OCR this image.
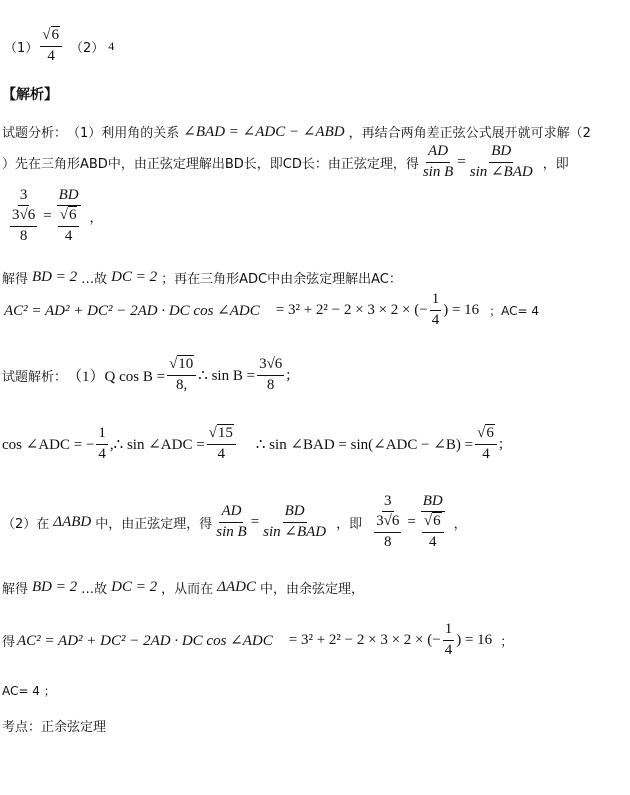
$(1) \frac{√6}{4} (2)$ 4
【解析】
试题分析： （1）利用角的关系 ∠BAD = ∠ADC − ∠ABD ，再结合两角差正弦公式展开就可求解（2
）先在三角形ABD中，由正弦定理解出BD长，即CD长：由正弦定理，得 $\frac{AD}{\text{sin B}} = \frac{BD}{\text{sin ∠BAD}}$ ，即
$\frac{3}{\frac{3√6}{8}} = \frac{BD}{\frac{√6}{4}}$ ，
解得 BD = 2 …故 DC = 2 ；再在三角形ADC中由余弦定理解出AC：
AC² = AD² + DC² − 2AD · DC cos ∠ADC = 3² + 2² − 2 × 3 × 2 × (− $\frac{1}{4}$ ) = 16 ；AC= 4
试题解析： （1）Q $\cos B = \frac{√10}{8,}$ ∴ $\sin B = \frac{3√6}{8}$ ;
cos ∠ADC = − $\frac{1}{4}$ ,∴ sin ∠ADC = $\frac{√15}{4}$ ∴ sin ∠BAD = sin(∠ADC − ∠B) = $\frac{√6}{4}$ ;
（2）在 ΔABD 中，由正弦定理，得 $\frac{AD}{\text{sin B}} = \frac{BD}{\text{sin ∠BAD}}$ ，即 $\frac{3}{\frac{3√6}{8}} = \frac{BD}{\frac{√6}{4}}$ ，
解得 BD = 2 …故 DC = 2 ，从而在 ΔADC 中，由余弦定理，
得 AC² = AD² + DC² − 2AD · DC cos ∠ADC = 3² + 2² − 2 × 3 × 2 × (− $\frac{1}{4}$ ) = 16 ；
AC= 4 ；
考点：正余弦定理
